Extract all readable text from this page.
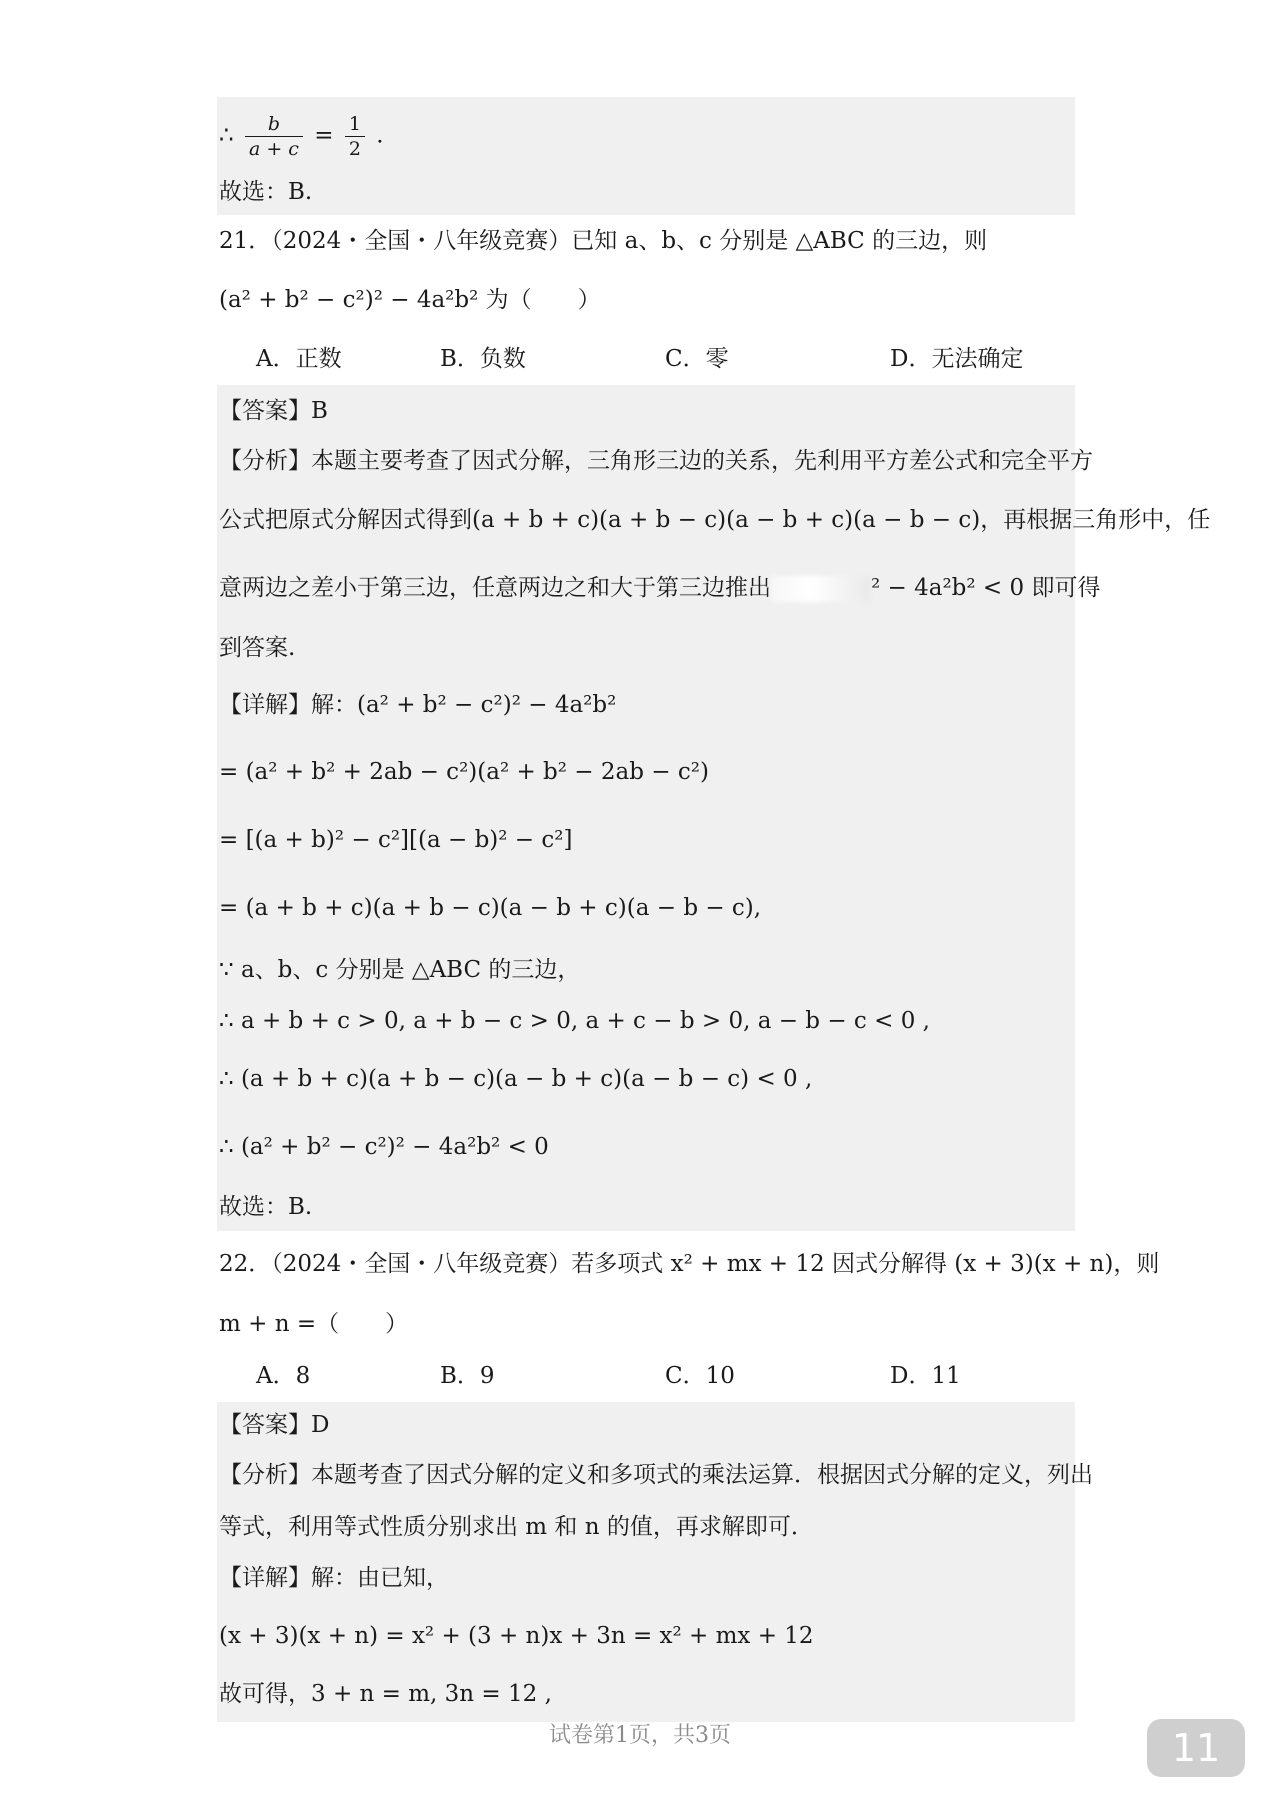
∴ $\frac{b}{a + c} = \frac{1}{2}$ .
故选：B.
21．（2024・全国・八年级竞赛）已知 a、b、c 分别是 △ABC 的三边，则
(a² + b² − c²)² − 4a²b² 为（　　）
A．正数	B．负数	C．零	D．无法确定
【答案】B
【分析】本题主要考查了因式分解，三角形三边的关系，先利用平方差公式和完全平方
公式把原式分解因式得到(a + b + c)(a + b − c)(a − b + c)(a − b − c)，再根据三角形中，任
意两边之差小于第三边，任意两边之和大于第三边推出	² − 4a²b² < 0 即可得
到答案.
【详解】解：(a² + b² − c²)² − 4a²b²
= (a² + b² + 2ab − c²)(a² + b² − 2ab − c²)
= [(a + b)² − c²][(a − b)² − c²]
= (a + b + c)(a + b − c)(a − b + c)(a − b − c),
∵ a、b、c 分别是 △ABC 的三边，
∴ a + b + c > 0, a + b − c > 0, a + c − b > 0, a − b − c < 0 ,
∴ (a + b + c)(a + b − c)(a − b + c)(a − b − c) < 0 ,
∴ (a² + b² − c²)² − 4a²b² < 0
故选：B.
22．（2024・全国・八年级竞赛）若多项式 x² + mx + 12 因式分解得 (x + 3)(x + n)，则
m + n =（　　）
A．8	B．9	C．10	D．11
【答案】D
【分析】本题考查了因式分解的定义和多项式的乘法运算．根据因式分解的定义，列出
等式，利用等式性质分别求出 m 和 n 的值，再求解即可．
【详解】解：由已知，
(x + 3)(x + n) = x² + (3 + n)x + 3n = x² + mx + 12
故可得，3 + n = m, 3n = 12 ,
试卷第1页，共3页	11
